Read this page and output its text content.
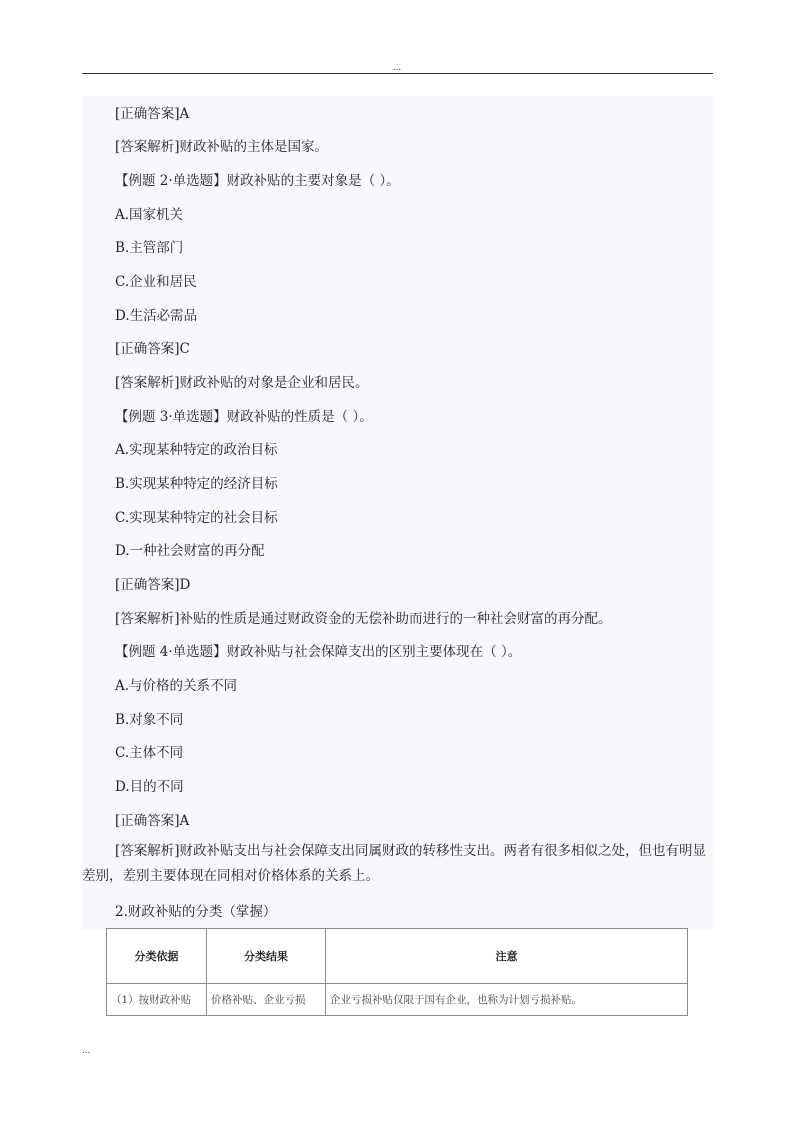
...
[正确答案]A
[答案解析]财政补贴的主体是国家。
【例题 2·单选题】财政补贴的主要对象是（ ）。
A.国家机关
B.主管部门
C.企业和居民
D.生活必需品
[正确答案]C
[答案解析]财政补贴的对象是企业和居民。
【例题 3·单选题】财政补贴的性质是（ ）。
A.实现某种特定的政治目标
B.实现某种特定的经济目标
C.实现某种特定的社会目标
D.一种社会财富的再分配
[正确答案]D
[答案解析]补贴的性质是通过财政资金的无偿补助而进行的一种社会财富的再分配。
【例题 4·单选题】财政补贴与社会保障支出的区别主要体现在（ ）。
A.与价格的关系不同
B.对象不同
C.主体不同
D.目的不同
[正确答案]A
[答案解析]财政补贴支出与社会保障支出同属财政的转移性支出。两者有很多相似之处，但也有明显差别，差别主要体现在同相对价格体系的关系上。
2.财政补贴的分类（掌握）
分类依据	分类结果	注意
（1）按财政补贴	价格补贴、企业亏损	企业亏损补贴仅限于国有企业，也称为计划亏损补贴。
...
